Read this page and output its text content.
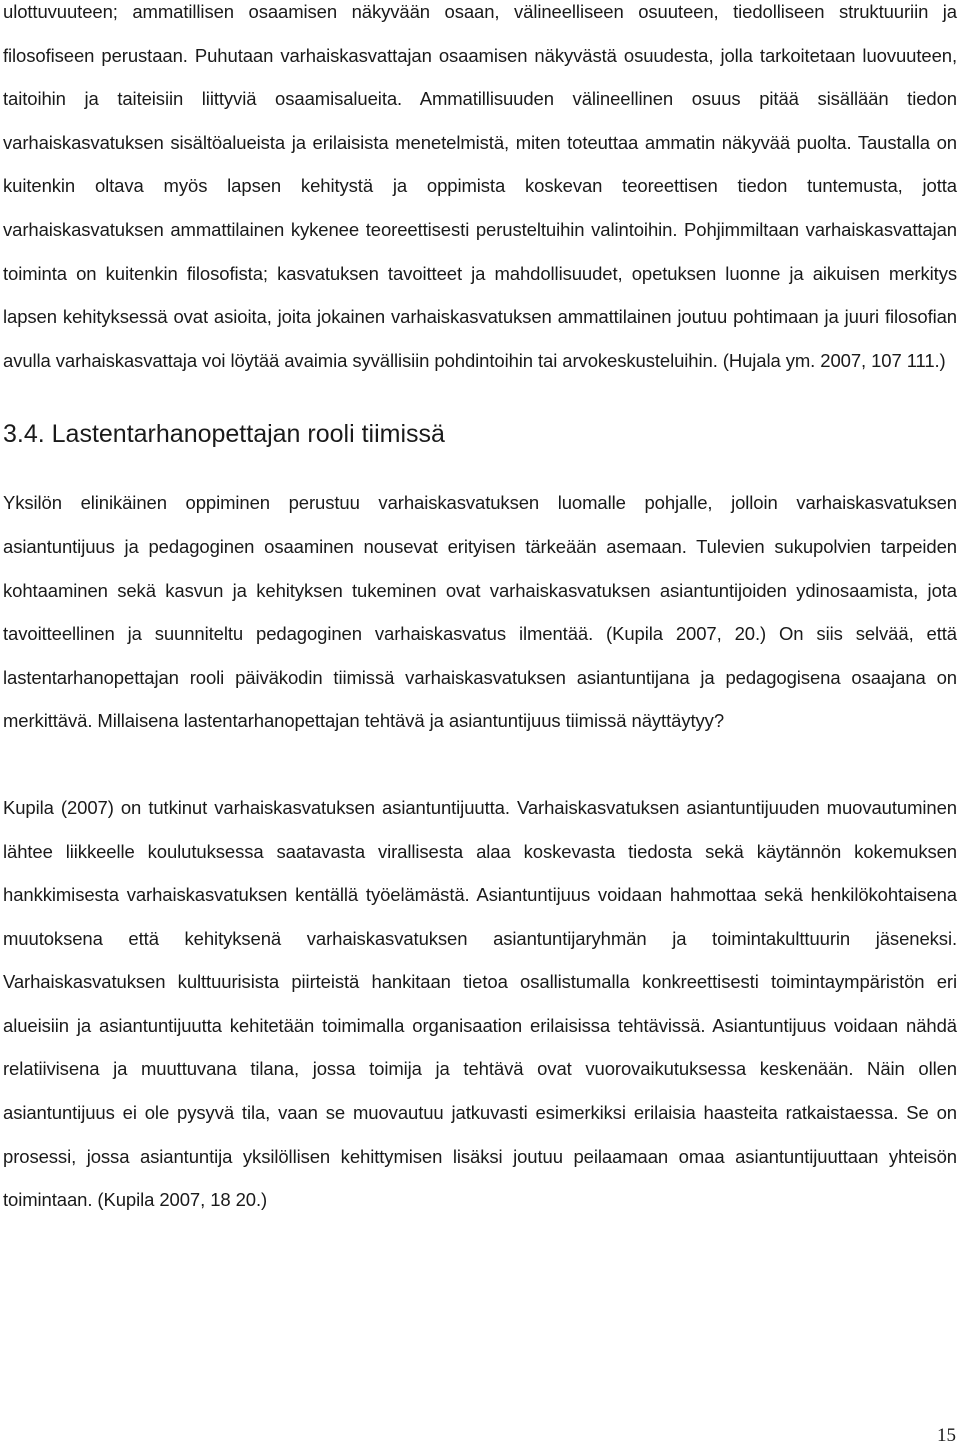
ulottuvuuteen; ammatillisen osaamisen näkyvään osaan, välineelliseen osuuteen, tiedolliseen struktuuriin ja filosofiseen perustaan. Puhutaan varhaiskasvattajan osaamisen näkyvästä osuudesta, jolla tarkoitetaan luovuuteen, taitoihin ja taiteisiin liittyviä osaamisalueita. Ammatillisuuden välineellinen osuus pitää sisällään tiedon varhaiskasvatuksen sisältöalueista ja erilaisista menetelmistä, miten toteuttaa ammatin näkyvää puolta. Taustalla on kuitenkin oltava myös lapsen kehitystä ja oppimista koskevan teoreettisen tiedon tuntemusta, jotta varhaiskasvatuksen ammattilainen kykenee teoreettisesti perusteltuihin valintoihin. Pohjimmiltaan varhaiskasvattajan toiminta on kuitenkin filosofista; kasvatuksen tavoitteet ja mahdollisuudet, opetuksen luonne ja aikuisen merkitys lapsen kehityksessä ovat asioita, joita jokainen varhaiskasvatuksen ammattilainen joutuu pohtimaan ja juuri filosofian avulla varhaiskasvattaja voi löytää avaimia syvällisiin pohdintoihin tai arvokeskusteluihin. (Hujala ym. 2007, 107 111.)

3.4. Lastentarhanopettajan rooli tiimissä

Yksilön elinikäinen oppiminen perustuu varhaiskasvatuksen luomalle pohjalle, jolloin varhaiskasvatuksen asiantuntijuus ja pedagoginen osaaminen nousevat erityisen tärkeään asemaan. Tulevien sukupolvien tarpeiden kohtaaminen sekä kasvun ja kehityksen tukeminen ovat varhaiskasvatuksen asiantuntijoiden ydinosaamista, jota tavoitteellinen ja suunniteltu pedagoginen varhaiskasvatus ilmentää. (Kupila 2007, 20.) On siis selvää, että lastentarhanopettajan rooli päiväkodin tiimissä varhaiskasvatuksen asiantuntijana ja pedagogisena osaajana on merkittävä. Millaisena lastentarhanopettajan tehtävä ja asiantuntijuus tiimissä näyttäytyy?

Kupila (2007) on tutkinut varhaiskasvatuksen asiantuntijuutta. Varhaiskasvatuksen asiantuntijuuden muovautuminen lähtee liikkeelle koulutuksessa saatavasta virallisesta alaa koskevasta tiedosta sekä käytännön kokemuksen hankkimisesta varhaiskasvatuksen kentällä työelämästä. Asiantuntijuus voidaan hahmottaa sekä henkilökohtaisena muutoksena että kehityksenä varhaiskasvatuksen asiantuntijaryhmän ja toimintakulttuurin jäseneksi. Varhaiskasvatuksen kulttuurisista piirteistä hankitaan tietoa osallistumalla konkreettisesti toimintaympäristön eri alueisiin ja asiantuntijuutta kehitetään toimimalla organisaation erilaisissa tehtävissä. Asiantuntijuus voidaan nähdä relatiivisena ja muuttuvana tilana, jossa toimija ja tehtävä ovat vuorovaikutuksessa keskenään. Näin ollen asiantuntijuus ei ole pysyvä tila, vaan se muovautuu jatkuvasti esimerkiksi erilaisia haasteita ratkaistaessa. Se on prosessi, jossa asiantuntija yksilöllisen kehittymisen lisäksi joutuu peilaamaan omaa asiantuntijuuttaan yhteisön toimintaan. (Kupila 2007, 18 20.)

15
